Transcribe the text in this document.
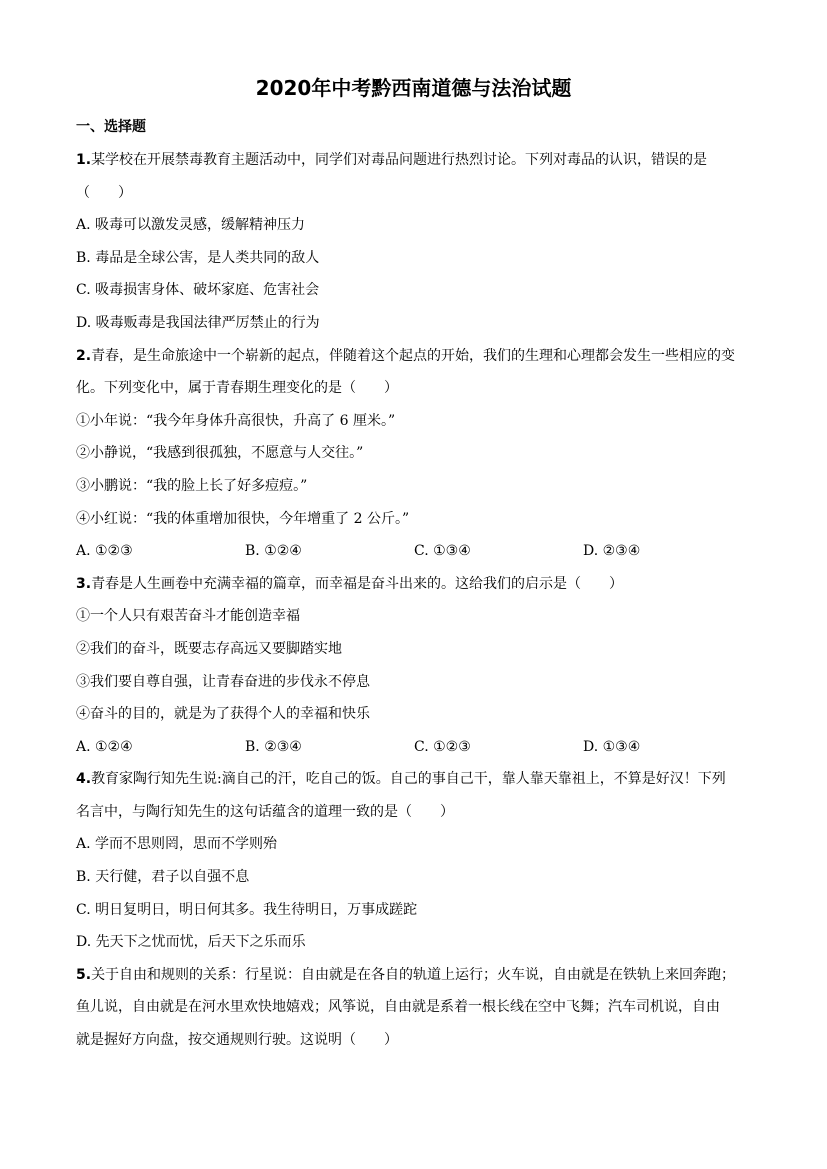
2020年中考黔西南道德与法治试题
一、选择题
1.某学校在开展禁毒教育主题活动中，同学们对毒品问题进行热烈讨论。下列对毒品的认识，错误的是
（　　）
A. 吸毒可以激发灵感，缓解精神压力
B. 毒品是全球公害，是人类共同的敌人
C. 吸毒损害身体、破坏家庭、危害社会
D. 吸毒贩毒是我国法律严厉禁止的行为
2.青春，是生命旅途中一个崭新的起点，伴随着这个起点的开始，我们的生理和心理都会发生一些相应的变
化。下列变化中，属于青春期生理变化的是（　　）
①小年说：“我今年身体升高很快，升高了 6 厘米。”
②小静说，“我感到很孤独，不愿意与人交往。”
③小鹏说：“我的脸上长了好多痘痘。”
④小红说：“我的体重增加很快，今年增重了 2 公斤。”
A. ①②③	B. ①②④	C. ①③④	D. ②③④
3.青春是人生画卷中充满幸福的篇章，而幸福是奋斗出来的。这给我们的启示是（　　）
①一个人只有艰苦奋斗才能创造幸福
②我们的奋斗，既要志存高远又要脚踏实地
③我们要自尊自强，让青春奋进的步伐永不停息
④奋斗的目的，就是为了获得个人的幸福和快乐
A. ①②④	B. ②③④	C. ①②③	D. ①③④
4.教育家陶行知先生说:滴自己的汗，吃自己的饭。自己的事自己干，靠人靠天靠祖上，不算是好汉！下列
名言中，与陶行知先生的这句话蕴含的道理一致的是（　　）
A. 学而不思则罔，思而不学则殆
B. 天行健，君子以自强不息
C. 明日复明日，明日何其多。我生待明日，万事成蹉跎
D. 先天下之忧而忧，后天下之乐而乐
5.关于自由和规则的关系：行星说：自由就是在各自的轨道上运行；火车说，自由就是在铁轨上来回奔跑；
鱼儿说，自由就是在河水里欢快地嬉戏；风筝说，自由就是系着一根长线在空中飞舞；汽车司机说，自由
就是握好方向盘，按交通规则行驶。这说明（　　）
